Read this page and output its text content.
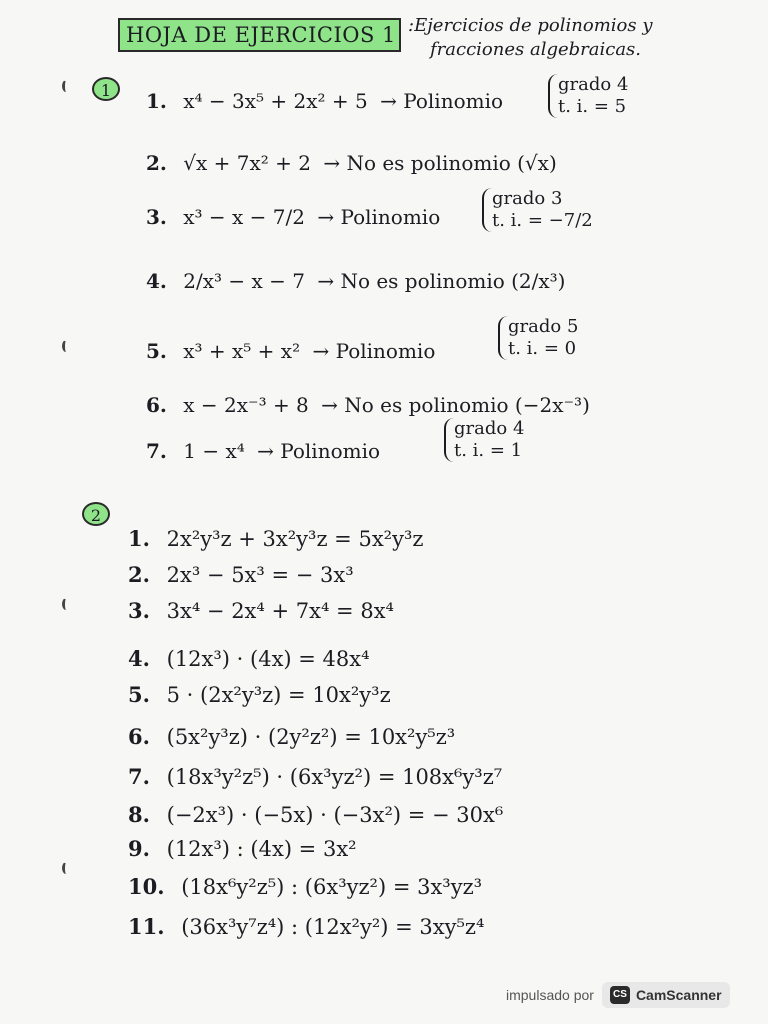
HOJA DE EJERCICIOS 1 :Ejercicios de polinomios y
fracciones algebraicas.
1	1. x⁴ − 3x⁵ + 2x² + 5 → Polinomio
grado 4
t. i. = 5
2. √x + 7x² + 2 → No es polinomio (√x)
3. x³ − x − 7/2 → Polinomio
grado 3
t. i. = −7/2
4. 2/x³ − x − 7 → No es polinomio (2/x³)
5. x³ + x⁵ + x² → Polinomio
grado 5
t. i. = 0
6. x − 2x⁻³ + 8 → No es polinomio (−2x⁻³)
7. 1 − x⁴ → Polinomio
grado 4
t. i. = 1
2
1. 2x²y³z + 3x²y³z = 5x²y³z
2. 2x³ − 5x³ = − 3x³
3. 3x⁴ − 2x⁴ + 7x⁴ = 8x⁴
4. (12x³) · (4x) = 48x⁴
5. 5 · (2x²y³z) = 10x²y³z
6. (5x²y³z) · (2y²z²) = 10x²y⁵z³
7. (18x³y²z⁵) · (6x³yz²) = 108x⁶y³z⁷
8. (−2x³) · (−5x) · (−3x²) = − 30x⁶
9. (12x³) : (4x) = 3x²
10. (18x⁶y²z⁵) : (6x³yz²) = 3x³yz³
11. (36x³y⁷z⁴) : (12x²y²) = 3xy⁵z⁴
impulsado por	CS CamScanner
